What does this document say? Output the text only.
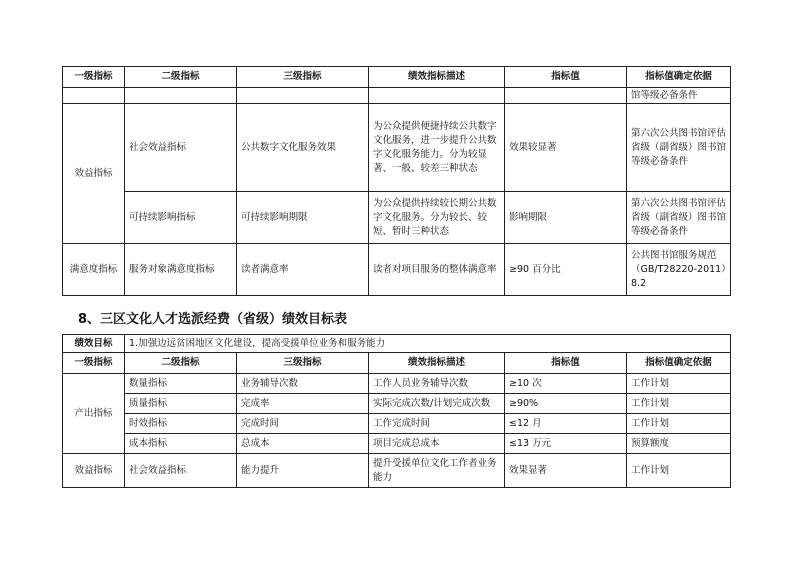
一级指标	二级指标	三级指标	绩效指标描述	指标值	指标值确定依据
					馆等级必备条件
效益指标	社会效益指标	公共数字文化服务效果	为公众提供便捷持续公共数字文化服务，进一步提升公共数字文化服务能力。分为较显著、一般、较差三种状态	效果较显著	第六次公共图书馆评估省级（副省级）图书馆等级必备条件
	可持续影响指标	可持续影响期限	为公众提供持续较长期公共数字文化服务。分为较长、较短、暂时三种状态	影响期限	第六次公共图书馆评估省级（副省级）图书馆等级必备条件
满意度指标	服务对象满意度指标	读者满意率	读者对项目服务的整体满意率	≥90 百分比	公共图书馆服务规范（GB/T28220-2011）8.2
8、三区文化人才选派经费（省级）绩效目标表
绩效目标	1.加强边远贫困地区文化建设，提高受援单位业务和服务能力				
一级指标	二级指标	三级指标	绩效指标描述	指标值	指标值确定依据
产出指标	数量指标	业务辅导次数	工作人员业务辅导次数	≥10 次	工作计划
	质量指标	完成率	实际完成次数/计划完成次数	≥90%	工作计划
	时效指标	完成时间	工作完成时间	≤12 月	工作计划
	成本指标	总成本	项目完成总成本	≤13 万元	预算额度
效益指标	社会效益指标	能力提升	提升受援单位文化工作者业务能力	效果显著	工作计划
